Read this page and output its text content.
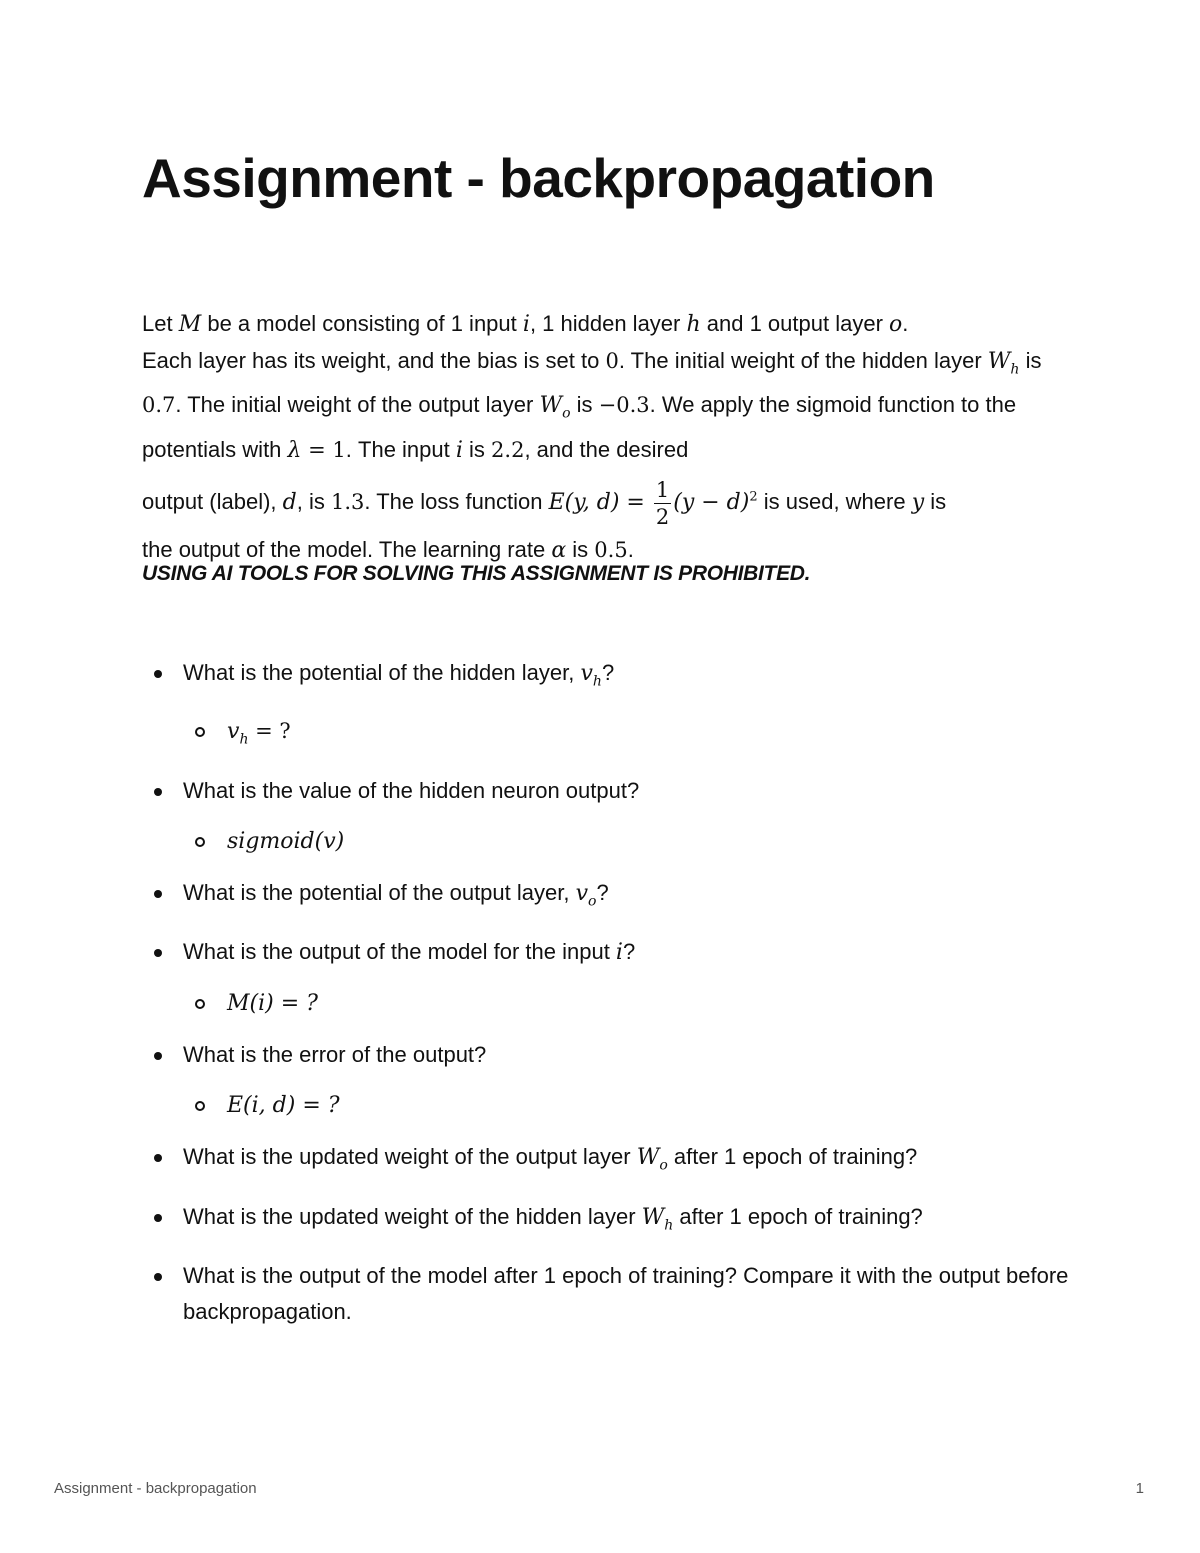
Assignment - backpropagation
Let M be a model consisting of 1 input i, 1 hidden layer h and 1 output layer o.
Each layer has its weight, and the bias is set to 0. The initial weight of the hidden layer $W_h$ is 0.7. The initial weight of the output layer $W_o$ is −0.3. We apply the sigmoid function to the potentials with λ = 1. The input i is 2.2, and the desired
output (label), d, is 1.3. The loss function E(y, $d) = \frac{1}{2} (y - d)^2$ is used, where y is
the output of the model. The learning rate α is 0.5.
USING AI TOOLS FOR SOLVING THIS ASSIGNMENT IS PROHIBITED.
What is the potential of the hidden layer, $v_h$?
$v_h$ = ?
What is the value of the hidden neuron output?
sigmoid(v)
What is the potential of the output layer, $v_o$?
What is the output of the model for the input i?
M(i) = ?
What is the error of the output?
E(i, d) = ?
What is the updated weight of the output layer $W_o$ after 1 epoch of training?
What is the updated weight of the hidden layer $W_h$ after 1 epoch of training?
What is the output of the model after 1 epoch of training? Compare it with the output before backpropagation.
Assignment - backpropagation	1
